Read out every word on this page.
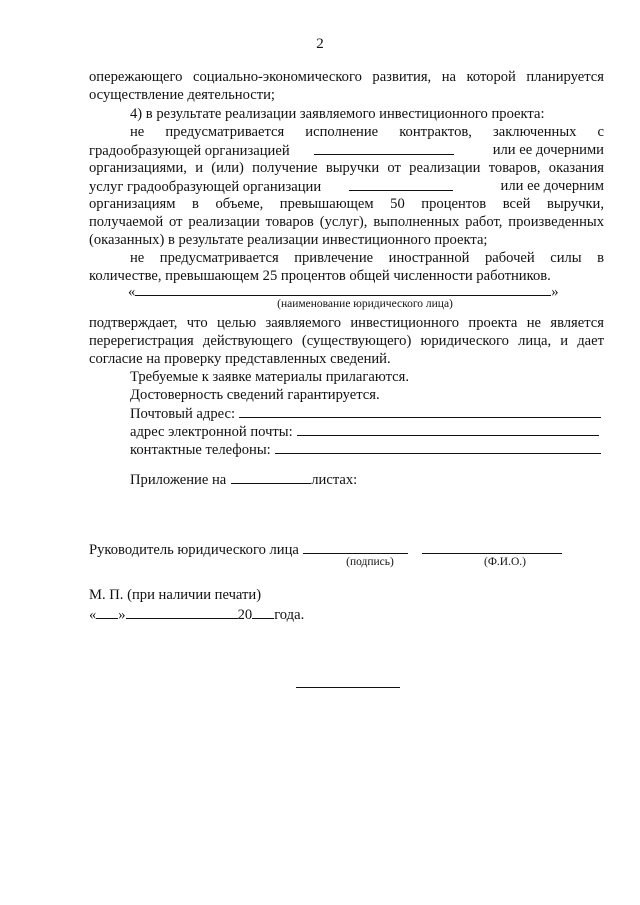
2
опережающего социально-экономического развития, на которой планируется
осуществление деятельности;
4) в результате реализации заявляемого инвестиционного проекта:
не предусматривается исполнение контрактов, заключенных с
градообразующей организацией	или ее дочерними
организациями, и (или) получение выручки от реализации товаров, оказания
услуг градообразующей организации	или ее дочерним
организациям в объеме, превышающем 50 процентов всей выручки,
получаемой от реализации товаров (услуг), выполненных работ, произведенных
(оказанных) в результате реализации инвестиционного проекта;
не предусматривается привлечение иностранной рабочей силы в
количестве, превышающем 25 процентов общей численности работников.
«	»
(наименование юридического лица)
подтверждает, что целью заявляемого инвестиционного проекта не является
перерегистрация действующего (существующего) юридического лица, и дает
согласие на проверку представленных сведений.
Требуемые к заявке материалы прилагаются.
Достоверность сведений гарантируется.
Почтовый адрес:
адрес электронной почты:
контактные телефоны:
Приложение на	листах:
Руководитель юридического лица
(подпись)	(Ф.И.О.)
М. П. (при наличии печати)
« »	20 года.
